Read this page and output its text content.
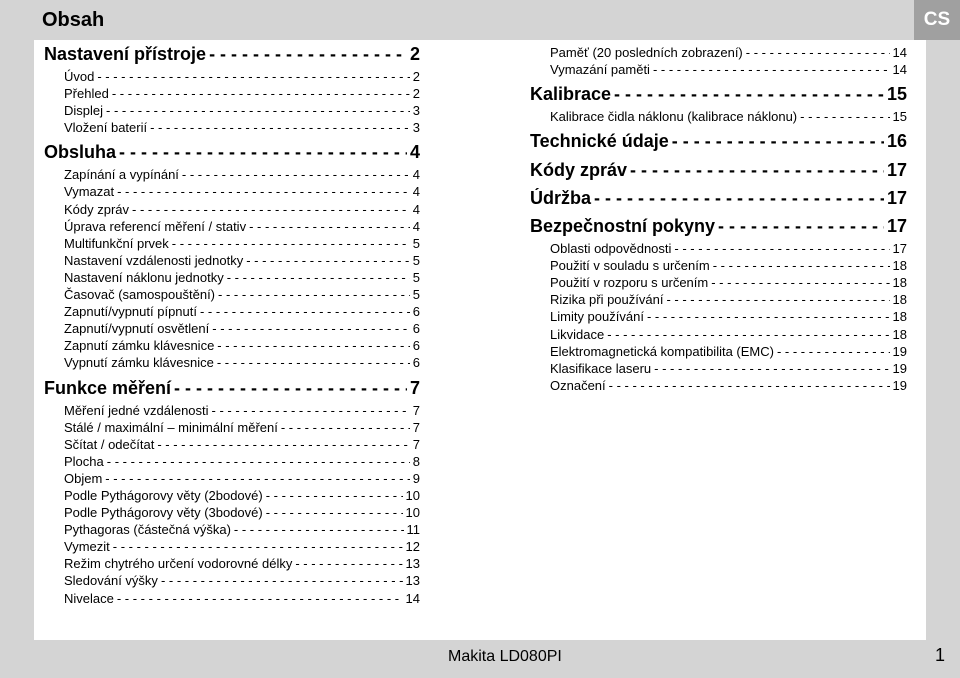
Obsah	CS
Makita LD080PI	1
Nastavení přístroje - - -	2
Úvod - - -	2
Přehled - - -	2
Displej - - -	3
Vložení baterií - - -	3
Obsluha - - -	4
Zapínání a vypínání - - -	4
Vymazat - - -	4
Kódy zpráv - - -	4
Úprava referencí měření / stativ - - -	4
Multifunkční prvek - - -	5
Nastavení vzdálenosti jednotky - - -	5
Nastavení náklonu jednotky - - -	5
Časovač (samospouštění) - - -	5
Zapnutí/vypnutí pípnutí - - -	6
Zapnutí/vypnutí osvětlení - - -	6
Zapnutí zámku klávesnice - - -	6
Vypnutí zámku klávesnice - - -	6
Funkce měření - - -	7
Měření jedné vzdálenosti - - -	7
Stálé / maximální – minimální měření - - -	7
Sčítat / odečítat - - -	7
Plocha - - -	8
Objem - - -	9
Podle Pythágorovy věty (2bodové) - - -	10
Podle Pythágorovy věty (3bodové) - - -	10
Pythagoras (částečná výška) - - -	11
Vymezit - - -	12
Režim chytrého určení vodorovné délky - - -	13
Sledování výšky - - -	13
Nivelace - - -	14
Paměť (20 posledních zobrazení) - - -	14
Vymazání paměti - - -	14
Kalibrace - - -	15
Kalibrace čidla náklonu (kalibrace náklonu) - - -	15
Technické údaje - - -	16
Kódy zpráv - - -	17
Údržba - - -	17
Bezpečnostní pokyny - - -	17
Oblasti odpovědnosti - - -	17
Použití v souladu s určením - - -	18
Použití v rozporu s určením - - -	18
Rizika při používání - - -	18
Limity používání - - -	18
Likvidace - - -	18
Elektromagnetická kompatibilita (EMC) - - -	19
Klasifikace laseru - - -	19
Označení - - -	19
